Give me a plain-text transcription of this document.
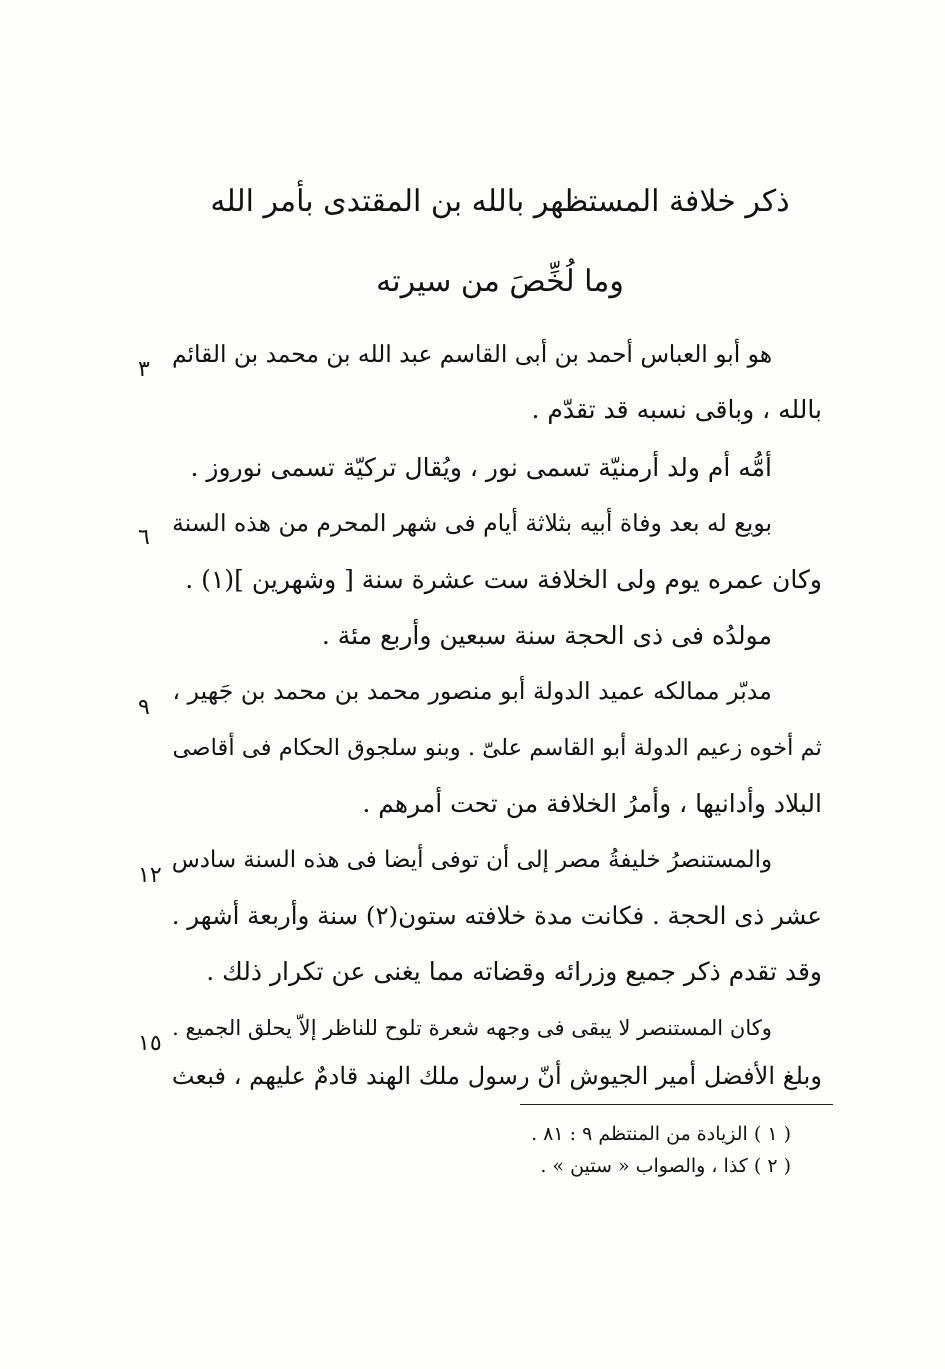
ذكر خلافة المستظهر بالله بن المقتدى بأمر الله
وما لُخِّصَ من سيرته
هو أبو العباس أحمد بن أبى القاسم عبد الله بن محمد بن القائم
بالله ، وباقى نسبه قد تقدّم .
أمُّه أم ولد أرمنيّة تسمى نور ، ويُقال تركيّة تسمى نوروز .
بويع له بعد وفاة أبيه بثلاثة أيام فى شهر المحرم من هذه السنة
وكان عمره يوم ولى الخلافة ست عشرة سنة [ وشهرين ](١) .
مولدُه فى ذى الحجة سنة سبعين وأربع مئة .
مدبّر ممالكه عميد الدولة أبو منصور محمد بن محمد بن جَهير ،
ثم أخوه زعيم الدولة أبو القاسم علىّ . وبنو سلجوق الحكام فى أقاصى
البلاد وأدانيها ، وأمرُ الخلافة من تحت أمرهم .
والمستنصرُ خليفةُ مصر إلى أن توفى أيضا فى هذه السنة سادس
عشر ذى الحجة . فكانت مدة خلافته ستون(٢) سنة وأربعة أشهر .
وقد تقدم ذكر جميع وزرائه وقضاته مما يغنى عن تكرار ذلك .
وكان المستنصر لا يبقى فى وجهه شعرة تلوح للناظر إلاّ يحلق الجميع .
وبلغ الأفضل أمير الجيوش أنّ رسول ملك الهند قادمٌ عليهم ، فبعث
٣
٦
٩
١٢
١٥
( ١ ) الزيادة من المنتظم ٩ : ٨١ .
( ٢ ) كذا ، والصواب « ستين » .
